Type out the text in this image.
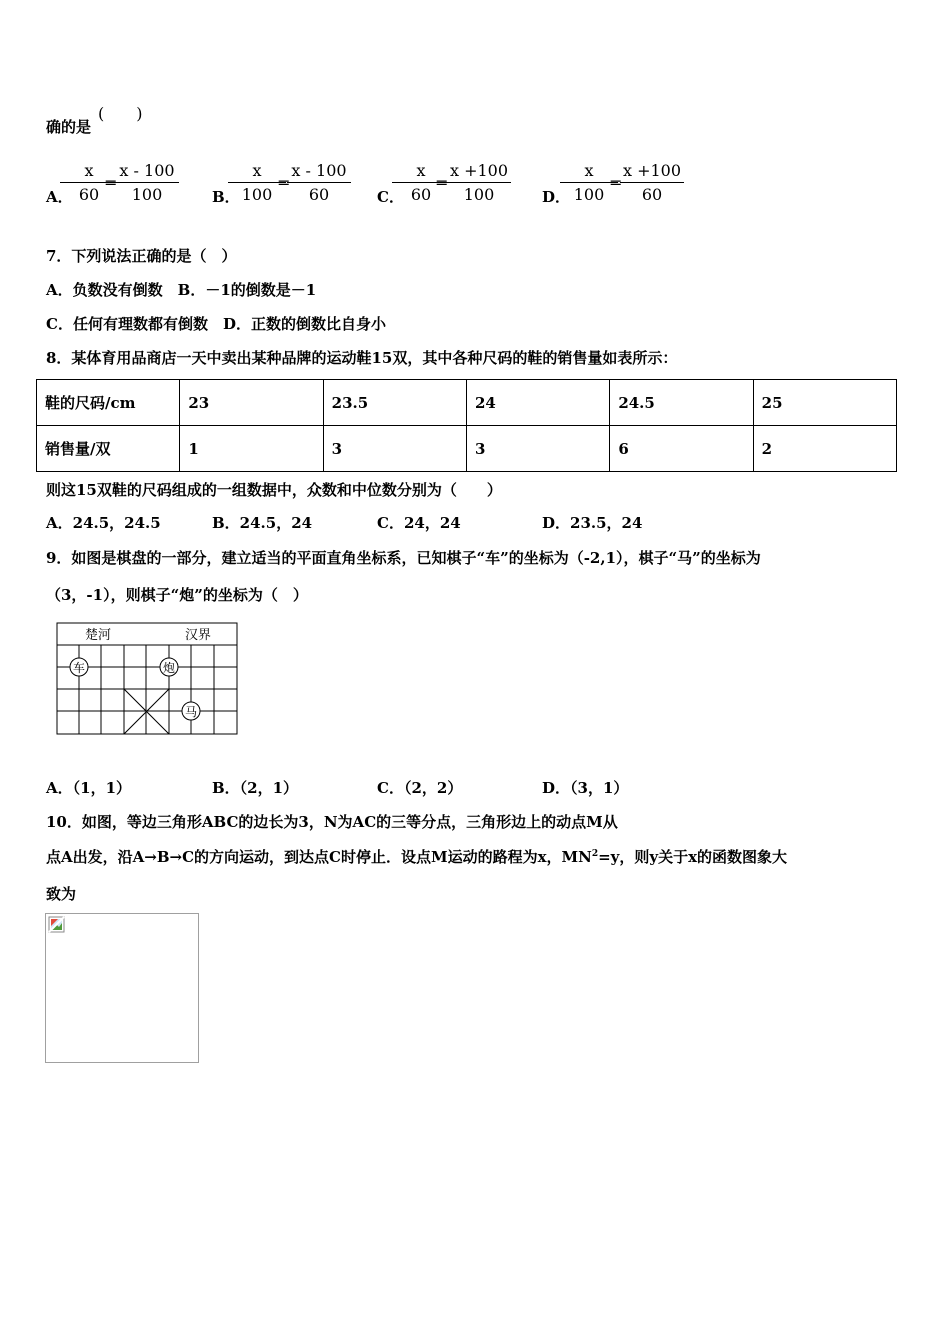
确的是
(　　)
A．
x
60
=
x - 100
100	B．
x
100
=
x - 100
60	C．
x
60
=
x +100
100	D．
x
100
=
x +100
60
7．下列说法正确的是（　）
A．负数没有倒数　B．－1的倒数是－1
C．任何有理数都有倒数　D．正数的倒数比自身小
8．某体育用品商店一天中卖出某种品牌的运动鞋15双，其中各种尺码的鞋的销售量如表所示：
鞋的尺码/cm	23	23.5	24	24.5	25
销售量/双	1	3	3	6	2
则这15双鞋的尺码组成的一组数据中，众数和中位数分别为（　　）
A．24.5，24.5	B．24.5，24	C．24，24	D．23.5，24
9．如图是棋盘的一部分，建立适当的平面直角坐标系，已知棋子“车”的坐标为（-2,1），棋子“马”的坐标为
（3，-1），则棋子“炮”的坐标为（　）
楚河	汉界
车	炮
马
A．（1，1）	B．（2，1）	C．（2，2）	D．（3，1）
10．如图，等边三角形ABC的边长为3，N为AC的三等分点，三角形边上的动点M从
点A出发，沿A→B→C的方向运动，到达点C时停止．设点M运动的路程为x，$MN^2=y$，则y关于x的函数图象大
致为
